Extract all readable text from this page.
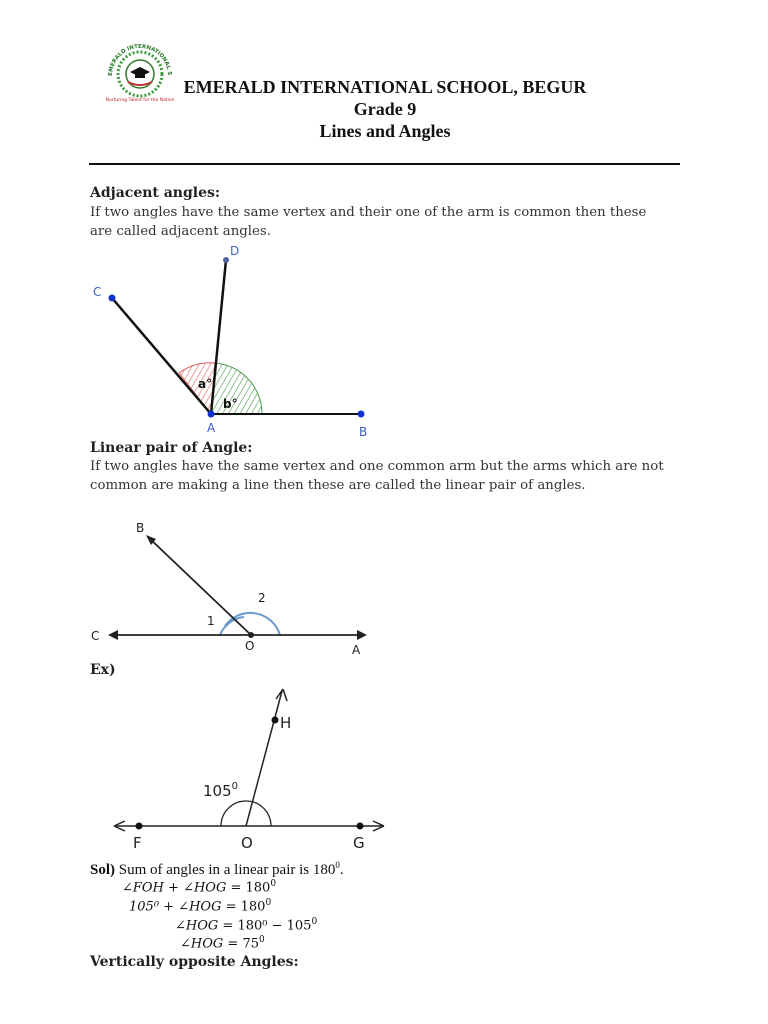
EMERALD INTERNATIONAL S
Nurturing Talent for the Nation
EMERALD INTERNATIONAL SCHOOL, BEGUR
Grade 9
Lines and Angles
Adjacent angles:
If two angles have the same vertex and their one of the arm is common then these are called adjacent angles.
C
D
A	B
a°
b°
Linear pair of Angle:
If two angles have the same vertex and one common arm but the arms which are not common are making a line then these are called the linear pair of angles.
B
C
O	A
1
2
Ex)
H
F	O	G
$105^0$
Sol) Sum of angles in a linear pair is $180^0$.
∠FOH + ∠HOG = $180^0$
105⁰ + ∠HOG = $180^0$
∠HOG = $180^0 - 105^0$
∠HOG = $75^0$
Vertically opposite Angles:
